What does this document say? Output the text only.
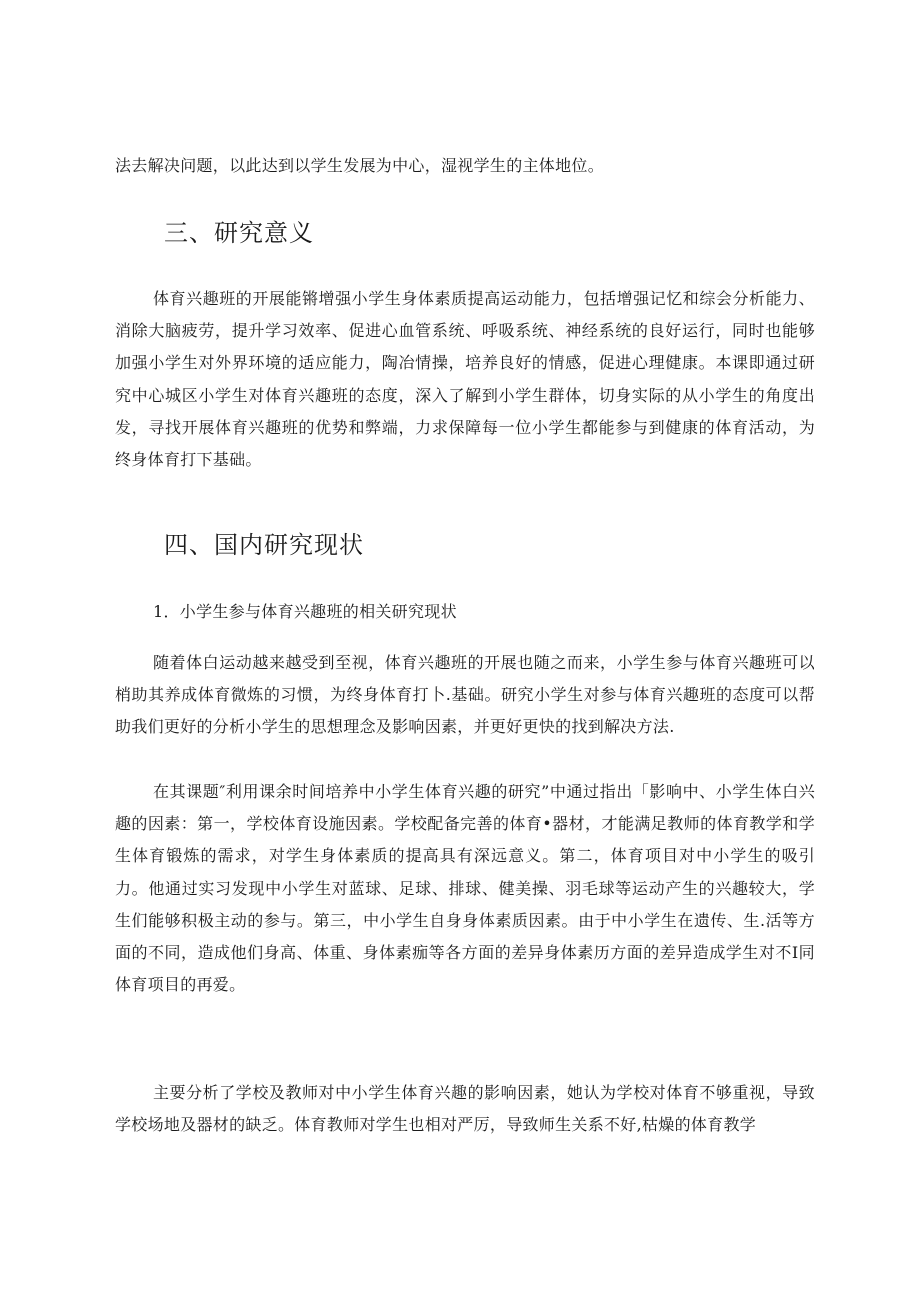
法去解决问题，以此达到以学生发展为中心，湿视学生的主体地位。

三、研究意义

体育兴趣班的开展能锵增强小学生身体素质提高运动能力，包括增强记忆和综会分析能力、消除大脑疲劳，提升学习效率、促进心血管系统、呼吸系统、神经系统的良好运行，同时也能够加强小学生对外界环境的适应能力，陶冶情操，培养良好的情感，促进心理健康。本课即通过研究中心城区小学生对体育兴趣班的态度，深入了解到小学生群体，切身实际的从小学生的角度出发，寻找开展体育兴趣班的优势和弊端，力求保障每一位小学生都能参与到健康的体育活动，为终身体育打下基础。

四、国内研究现状

1．小学生参与体育兴趣班的相关研究现状

随着体白运动越来越受到至视，体育兴趣班的开展也随之而来，小学生参与体育兴趣班可以梢助其养成体育微炼的习惯，为终身体育打卜.基础。研究小学生对参与体育兴趣班的态度可以帮助我们更好的分析小学生的思想理念及影响因素，并更好更快的找到解决方法.

在其课题″利用课余时间培养中小学生体育兴趣的研究”中通过指出「影响中、小学生体白兴趣的因素：第一，学校体育设施因素。学校配备完善的体育•器材，才能满足教师的体育教学和学生体育锻炼的需求，对学生身体素质的提高具有深远意义。第二，体育项目对中小学生的吸引力。他通过实习发现中小学生对蓝球、足球、排球、健美操、羽毛球等运动产生的兴趣较大，学生们能够积极主动的参与。第三，中小学生自身身体素质因素。由于中小学生在遗传、生.活等方面的不同，造成他们身高、体重、身体素痂等各方面的差异身体素历方面的差异造成学生对不I同体育项目的再爱。

主要分析了学校及教师对中小学生体育兴趣的影响因素，她认为学校对体育不够重视，导致学校场地及器材的缺乏。体育教师对学生也相对严厉，导致师生关系不好,枯燥的体育教学
